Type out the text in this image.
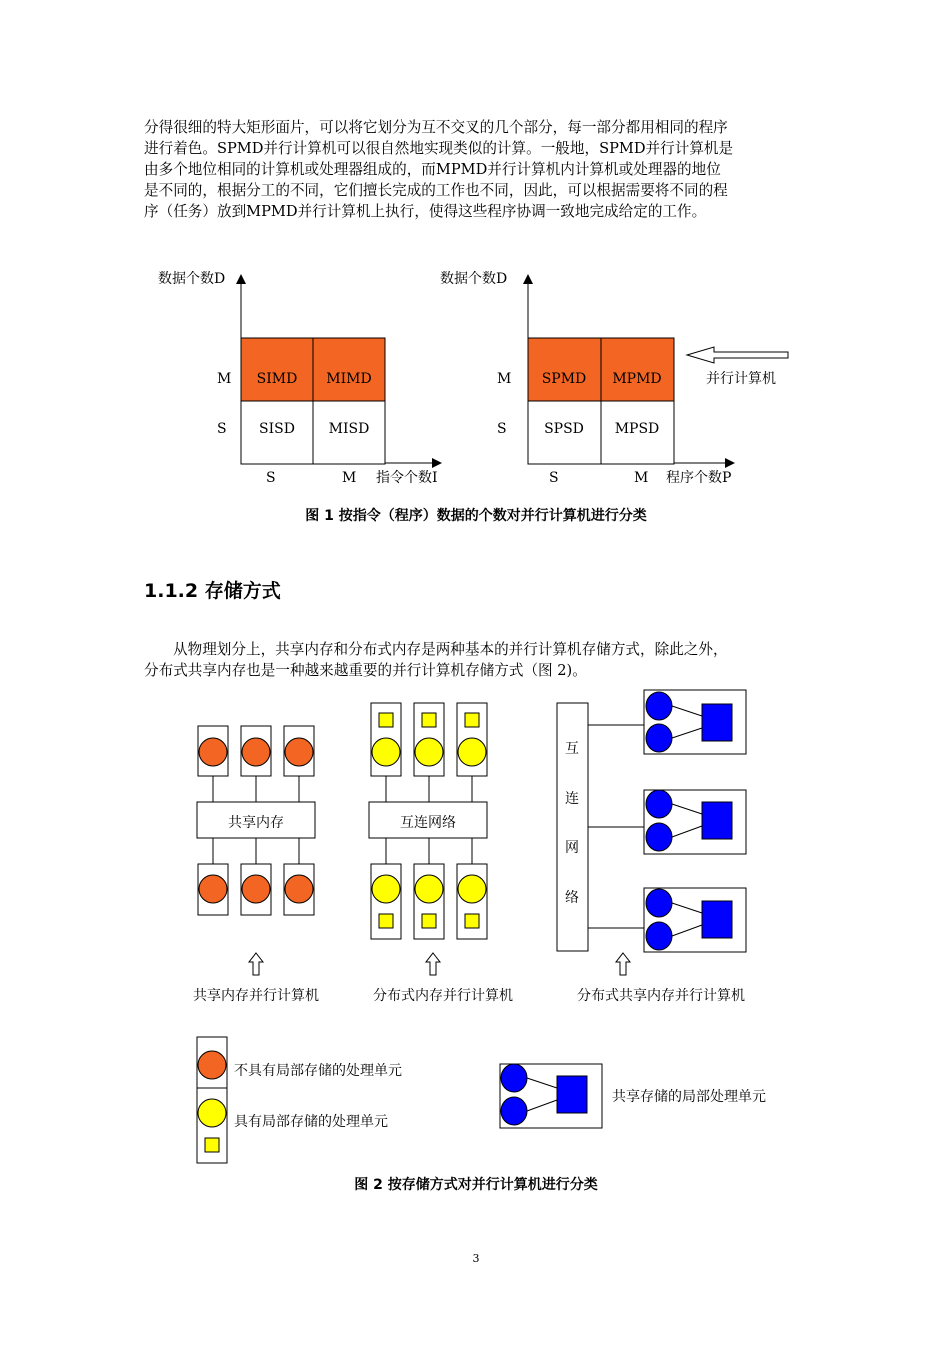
分得很细的特大矩形面片，可以将它划分为互不交叉的几个部分，每一部分都用相同的程序
进行着色。SPMD并行计算机可以很自然地实现类似的计算。一般地，SPMD并行计算机是
由多个地位相同的计算机或处理器组成的，而MPMD并行计算机内计算机或处理器的地位
是不同的，根据分工的不同，它们擅长完成的工作也不同，因此，可以根据需要将不同的程
序（任务）放到MPMD并行计算机上执行，使得这些程序协调一致地完成给定的工作。
数据个数D
SIMD MIMD
SISD MISD
M
S
S	M 指令个数I
数据个数D
SPMD MPMD
SPSD MPSD
M
S
S	M 程序个数P
并行计算机
共享内存	互连网络
互
连
网
络
共享内存并行计算机	分布式内存并行计算机	分布式共享内存并行计算机
不具有局部存储的处理单元
具有局部存储的处理单元
共享存储的局部处理单元
图 1 按指令（程序）数据的个数对并行计算机进行分类
1.1.2 存储方式
从物理划分上，共享内存和分布式内存是两种基本的并行计算机存储方式，除此之外，
分布式共享内存也是一种越来越重要的并行计算机存储方式（图 2)。
图 2 按存储方式对并行计算机进行分类
3
